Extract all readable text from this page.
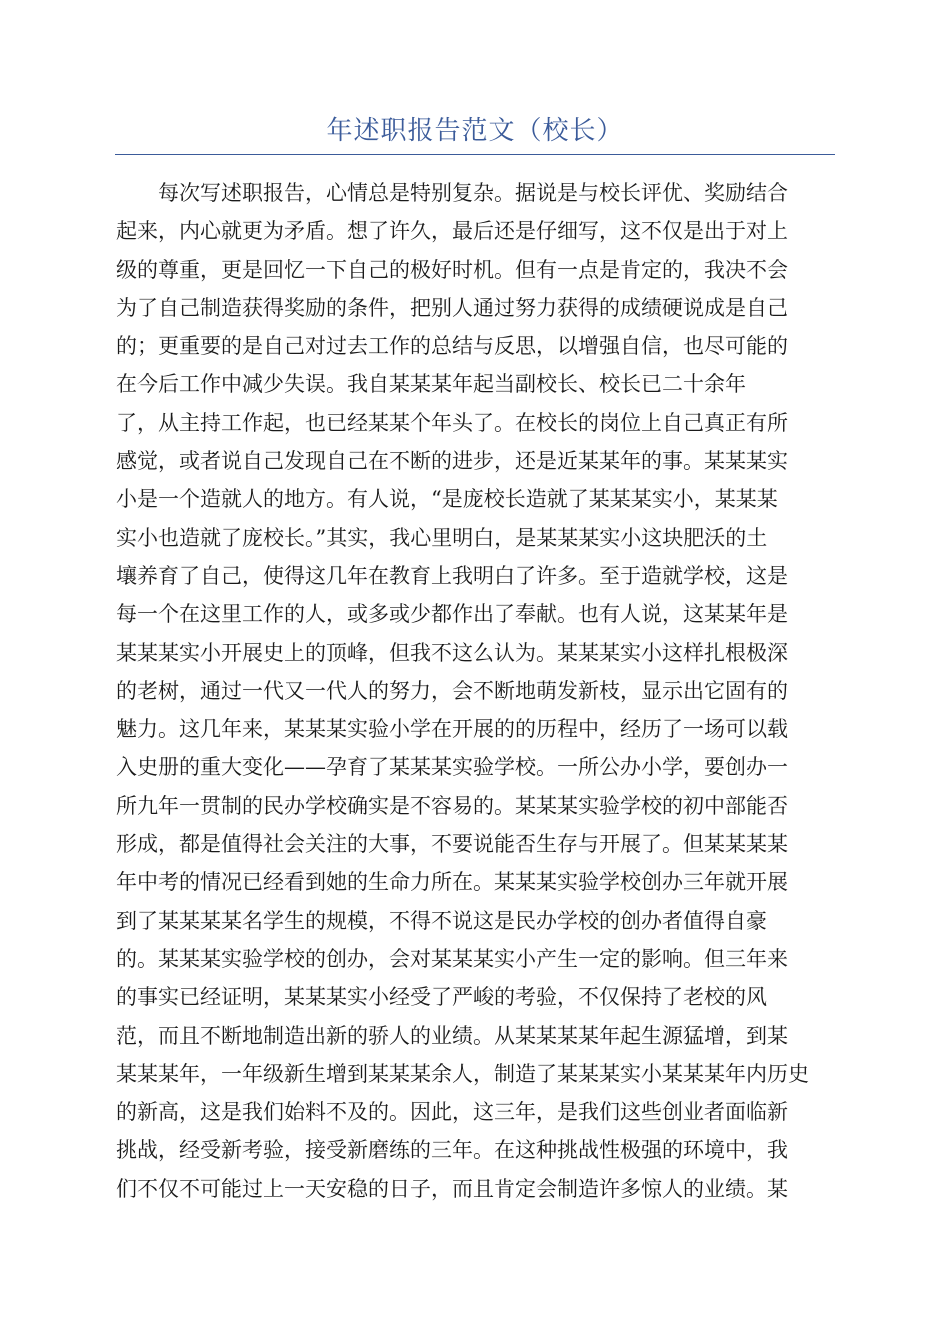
年述职报告范文（校长）
　　每次写述职报告，心情总是特别复杂。据说是与校长评优、奖励结合
起来，内心就更为矛盾。想了许久，最后还是仔细写，这不仅是出于对上
级的尊重，更是回忆一下自己的极好时机。但有一点是肯定的，我决不会
为了自己制造获得奖励的条件，把别人通过努力获得的成绩硬说成是自己
的；更重要的是自己对过去工作的总结与反思，以增强自信，也尽可能的
在今后工作中减少失误。我自某某某年起当副校长、校长已二十余年
了，从主持工作起，也已经某某个年头了。在校长的岗位上自己真正有所
感觉，或者说自己发现自己在不断的进步，还是近某某年的事。某某某实
小是一个造就人的地方。有人说，“是庞校长造就了某某某实小，某某某
实小也造就了庞校长。”其实，我心里明白，是某某某实小这块肥沃的土
壤养育了自己，使得这几年在教育上我明白了许多。至于造就学校，这是
每一个在这里工作的人，或多或少都作出了奉献。也有人说，这某某年是
某某某实小开展史上的顶峰，但我不这么认为。某某某实小这样扎根极深
的老树，通过一代又一代人的努力，会不断地萌发新枝，显示出它固有的
魅力。这几年来，某某某实验小学在开展的的历程中，经历了一场可以载
入史册的重大变化——孕育了某某某实验学校。一所公办小学，要创办一
所九年一贯制的民办学校确实是不容易的。某某某实验学校的初中部能否
形成，都是值得社会关注的大事，不要说能否生存与开展了。但某某某某
年中考的情况已经看到她的生命力所在。某某某实验学校创办三年就开展
到了某某某某名学生的规模，不得不说这是民办学校的创办者值得自豪
的。某某某实验学校的创办，会对某某某实小产生一定的影响。但三年来
的事实已经证明，某某某实小经受了严峻的考验，不仅保持了老校的风
范，而且不断地制造出新的骄人的业绩。从某某某某年起生源猛增，到某
某某某年，一年级新生增到某某某余人，制造了某某某实小某某某年内历史
的新高，这是我们始料不及的。因此，这三年，是我们这些创业者面临新
挑战，经受新考验，接受新磨练的三年。在这种挑战性极强的环境中，我
们不仅不可能过上一天安稳的日子，而且肯定会制造许多惊人的业绩。某
